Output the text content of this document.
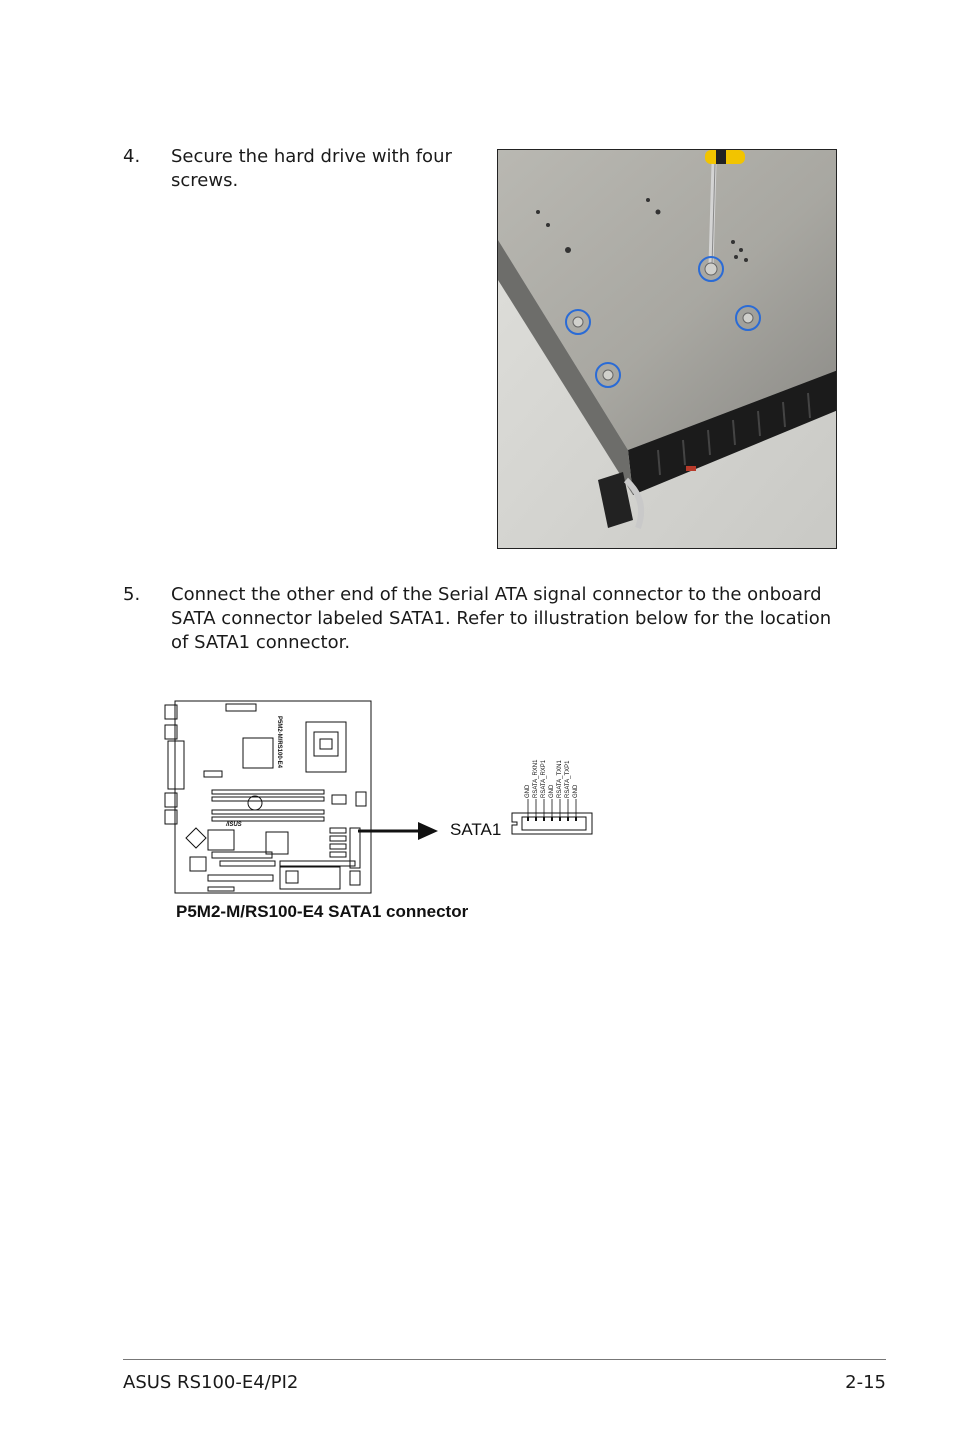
4. Secure the hard drive with four screws.
5. Connect the other end of the Serial ATA signal connector to the onboard SATA connector labeled SATA1. Refer to illustration below for the location of SATA1 connector.
P5M2-M/RS100-E4
/ISUS
GND RSATA_RXN1 RSATA_RXP1 GND RSATA_TXN1 RSATA_TXP1 GND
SATA1
P5M2-M/RS100-E4 SATA1 connector
ASUS RS100-E4/PI2	2-15
